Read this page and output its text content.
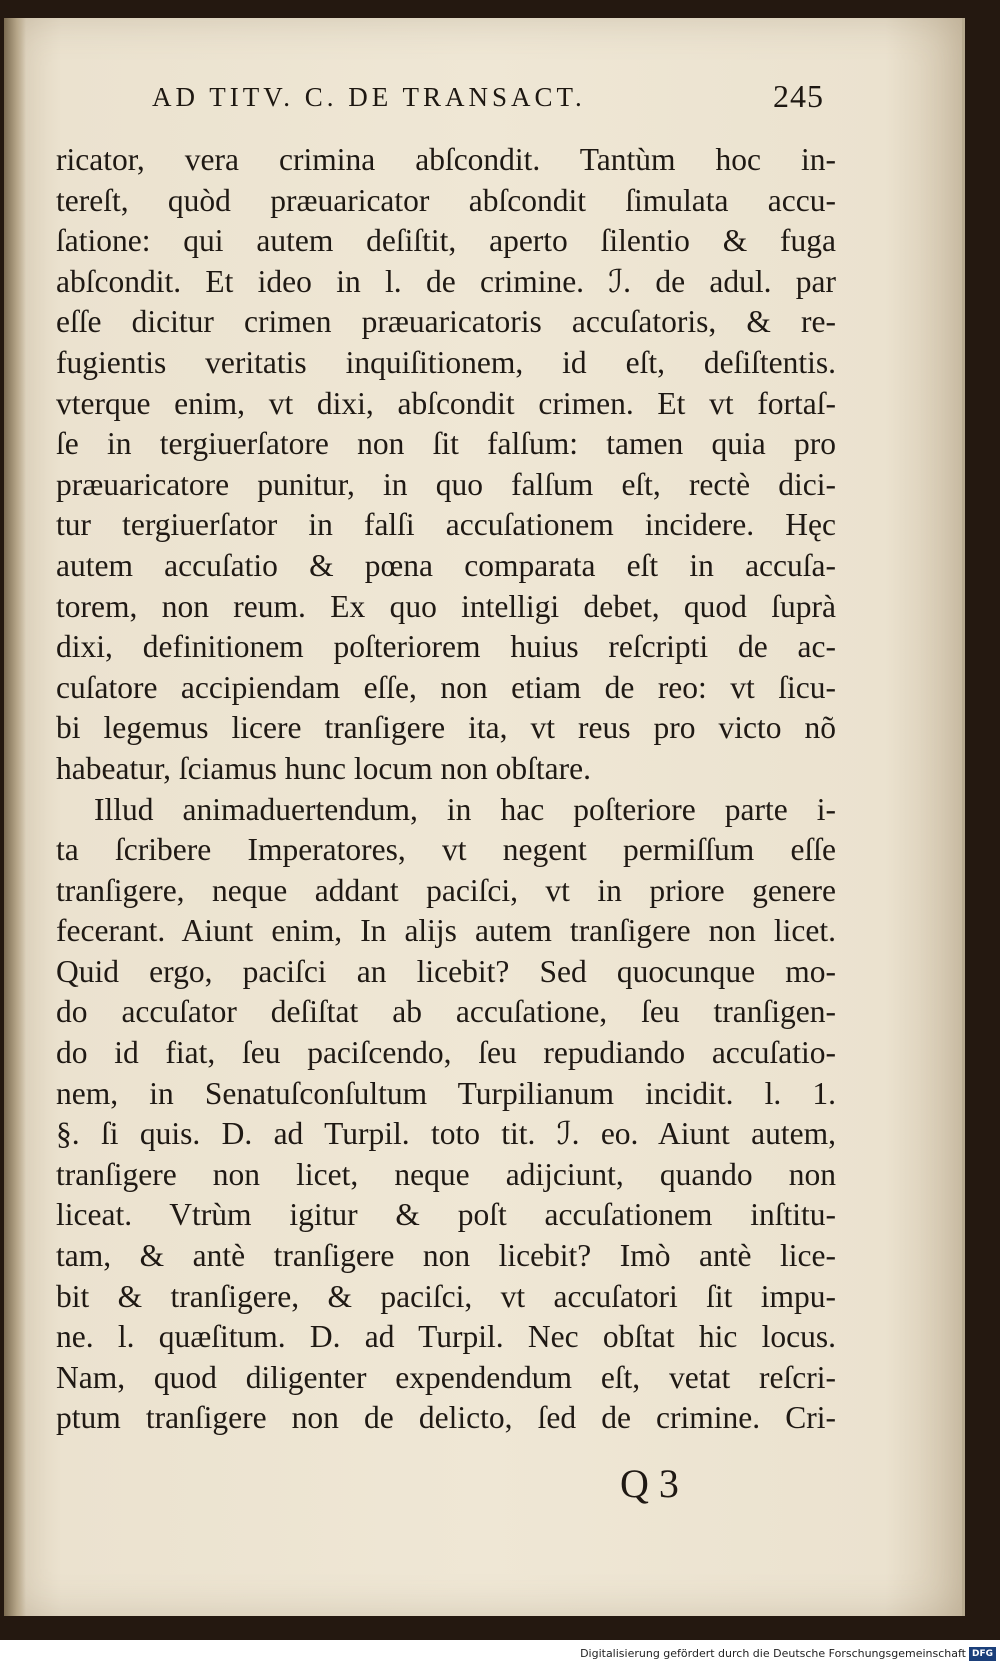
AD TITV. C. DE TRANSACT.	245
ricator, vera crimina abſcondit. Tantùm hoc in-
tereſt, quòd præuaricator abſcondit ſimulata accu-
ſatione: qui autem deſiſtit, aperto ſilentio & fuga
abſcondit. Et ideo in l. de crimine. ℐ. de adul. par
eſſe dicitur crimen præuaricatoris accuſatoris, & re-
fugientis veritatis inquiſitionem, id eſt, deſiſtentis.
vterque enim, vt dixi, abſcondit crimen. Et vt fortaſ-
ſe in tergiuerſatore non ſit falſum: tamen quia pro
præuaricatore punitur, in quo falſum eſt, rectè dici-
tur tergiuerſator in falſi accuſationem incidere. Hęc
autem accuſatio & pœna comparata eſt in accuſa-
torem, non reum. Ex quo intelligi debet, quod ſuprà
dixi, definitionem poſteriorem huius reſcripti de ac-
cuſatore accipiendam eſſe, non etiam de reo: vt ſicu-
bi legemus licere tranſigere ita, vt reus pro victo nõ
habeatur, ſciamus hunc locum non obſtare.
Illud animaduertendum, in hac poſteriore parte i-
ta ſcribere Imperatores, vt negent permiſſum eſſe
tranſigere, neque addant paciſci, vt in priore genere
fecerant. Aiunt enim, In alijs autem tranſigere non licet.
Quid ergo, paciſci an licebit? Sed quocunque mo-
do accuſator deſiſtat ab accuſatione, ſeu tranſigen-
do id fiat, ſeu paciſcendo, ſeu repudiando accuſatio-
nem, in Senatuſconſultum Turpilianum incidit. l. 1.
§. ſi quis. D. ad Turpil. toto tit. ℐ. eo. Aiunt autem,
tranſigere non licet, neque adijciunt, quando non
liceat. Vtrùm igitur & poſt accuſationem inſtitu-
tam, & antè tranſigere non licebit? Imò antè lice-
bit & tranſigere, & paciſci, vt accuſatori ſit impu-
ne. l. quæſitum. D. ad Turpil. Nec obſtat hic locus.
Nam, quod diligenter expendendum eſt, vetat reſcri-
ptum tranſigere non de delicto, ſed de crimine. Cri-
Q 3
Digitalisierung gefördert durch die Deutsche Forschungsgemeinschaft DFG
